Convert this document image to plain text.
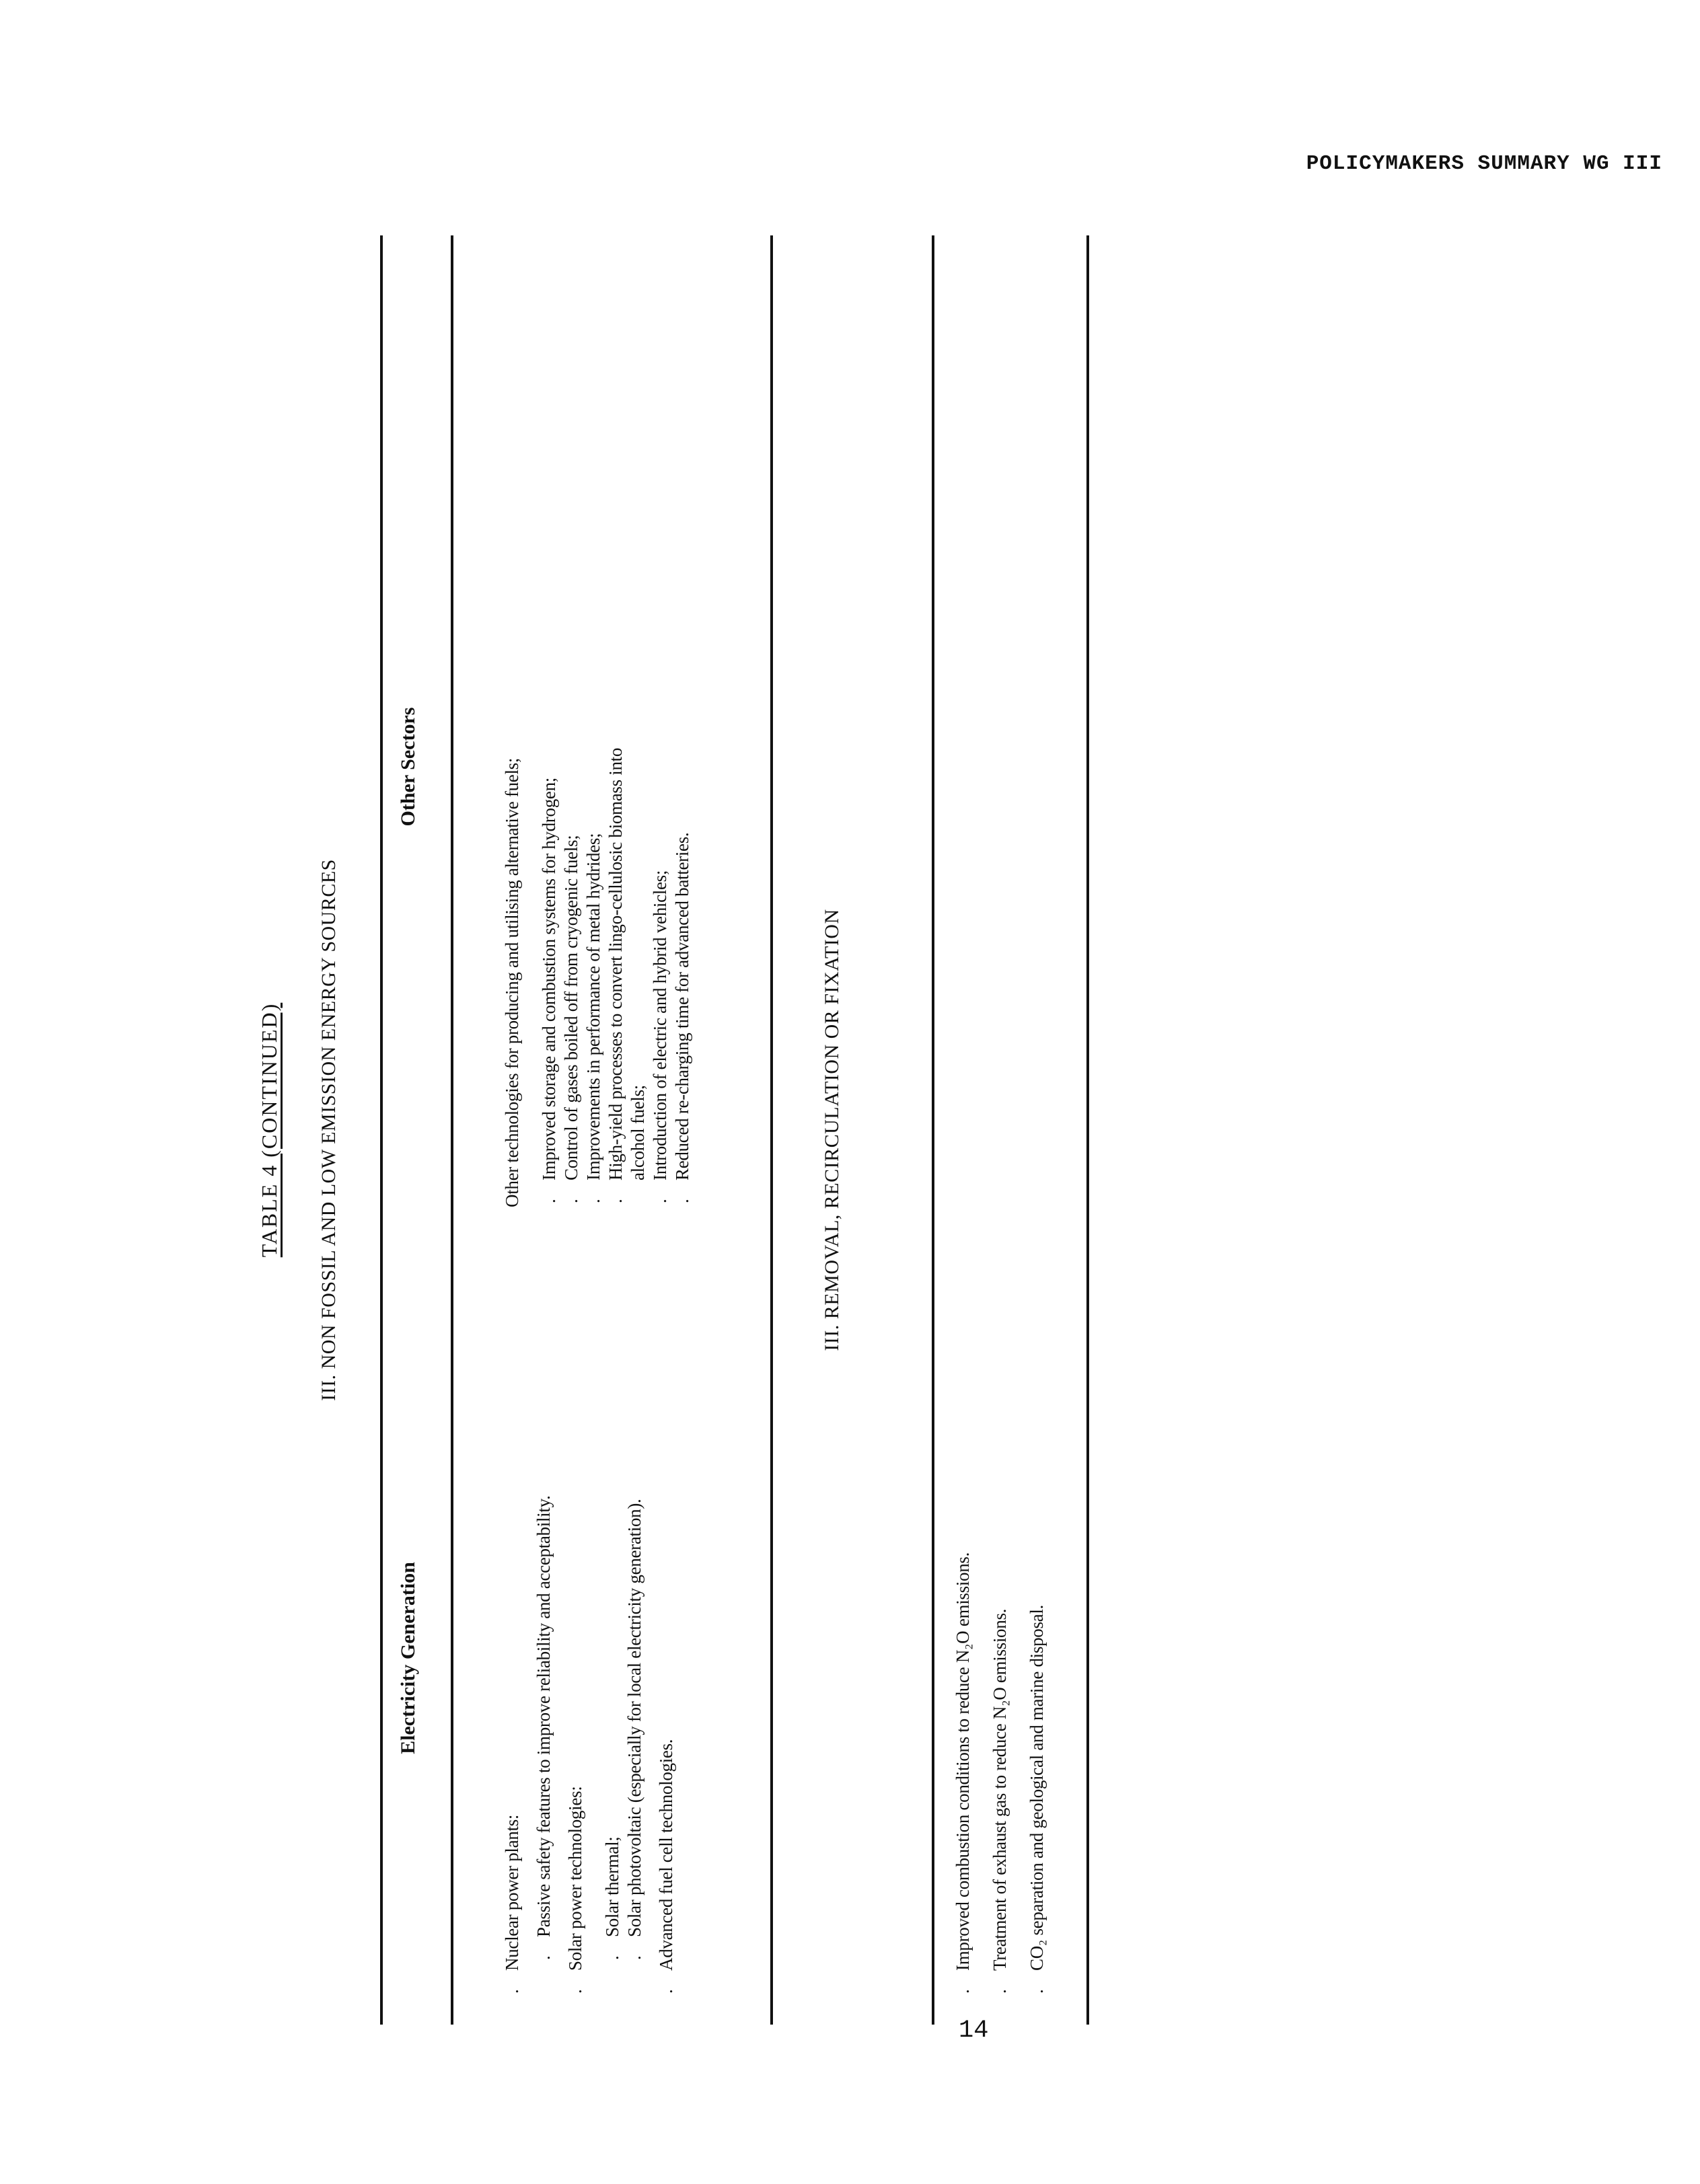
POLICYMAKERS SUMMARY WG III
14
TABLE 4 (CONTINUED) III. NON FOSSIL AND LOW EMISSION ENERGY SOURCES
Electricity Generation
Other Sectors
.
Nuclear power plants: .
Passive safety features to improve reliability and acceptability.
.
Solar power technologies: .
Solar thermal;
.
Solar photovoltaic (especially for local electricity generation).
.
Advanced fuel cell technologies.
Other technologies for producing and utilising alternative fuels; .
Improved storage and combustion systems for hydrogen;
.
Control of gases boiled off from cryogenic fuels;
.
Improvements in performance of metal hydrides;
.
High-yield processes to convert lingo-cellulosic biomass into alcohol fuels;
.
Introduction of electric and hybrid vehicles;
.
Reduced re-charging time for advanced batteries.	III. REMOVAL, RECIRCULATION OR FIXATION
.
Improved combustion conditions to reduce N₂O emissions.
.
Treatment of exhaust gas to reduce N₂O emissions.
.
CO₂ separation and geological and marine disposal.
